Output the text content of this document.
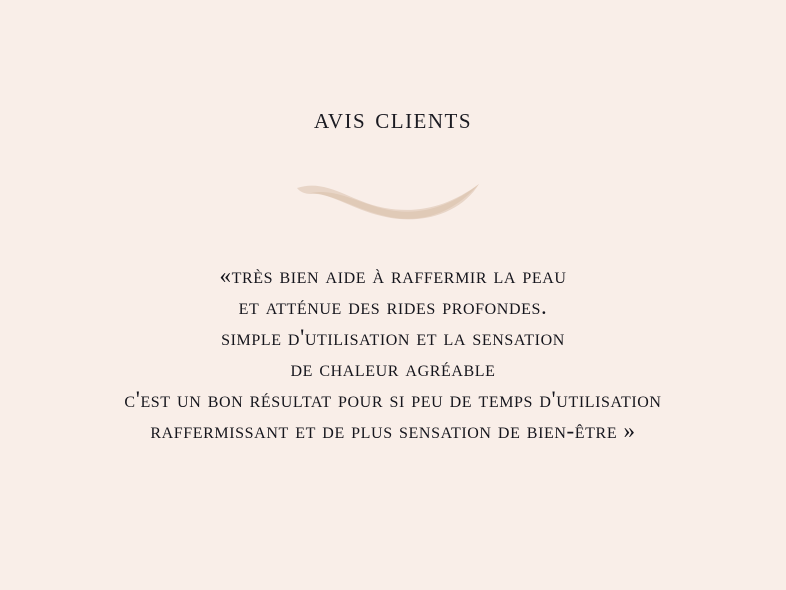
avis clients
«très bien aide à raffermir la peau
et atténue des rides profondes.
simple d'utilisation et la sensation
de chaleur agréable
c'est un bon résultat pour si peu de temps d'utilisation
raffermissant et de plus sensation de bien-être »
